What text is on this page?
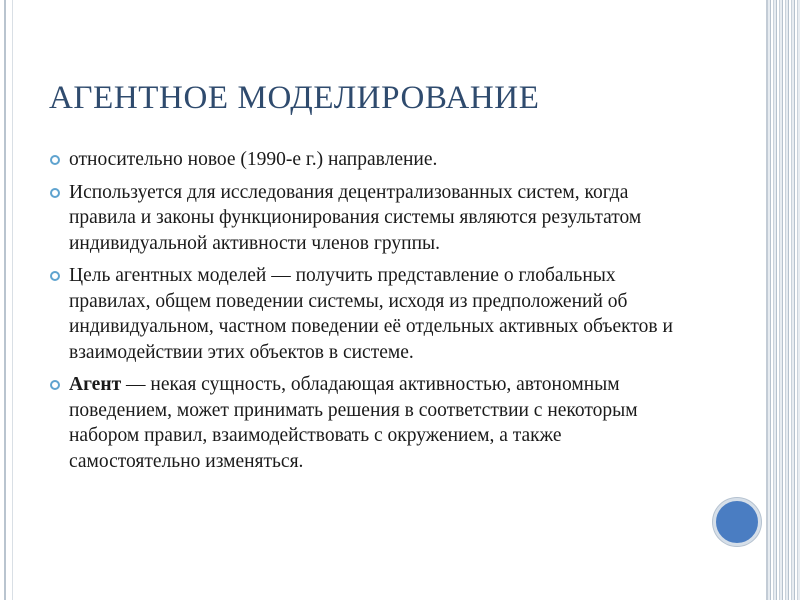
АГЕНТНОЕ МОДЕЛИРОВАНИЕ
относительно новое (1990-е г.) направление.
Используется для исследования децентрализованных систем, когда правила и законы функционирования системы являются результатом индивидуальной активности членов группы.
Цель агентных моделей — получить представление о глобальных правилах, общем поведении системы, исходя из предположений об индивидуальном, частном поведении её отдельных активных объектов и взаимодействии этих объектов в системе.
Агент — некая сущность, обладающая активностью, автономным поведением, может принимать решения в соответствии с некоторым набором правил, взаимодействовать с окружением, а также самостоятельно изменяться.
